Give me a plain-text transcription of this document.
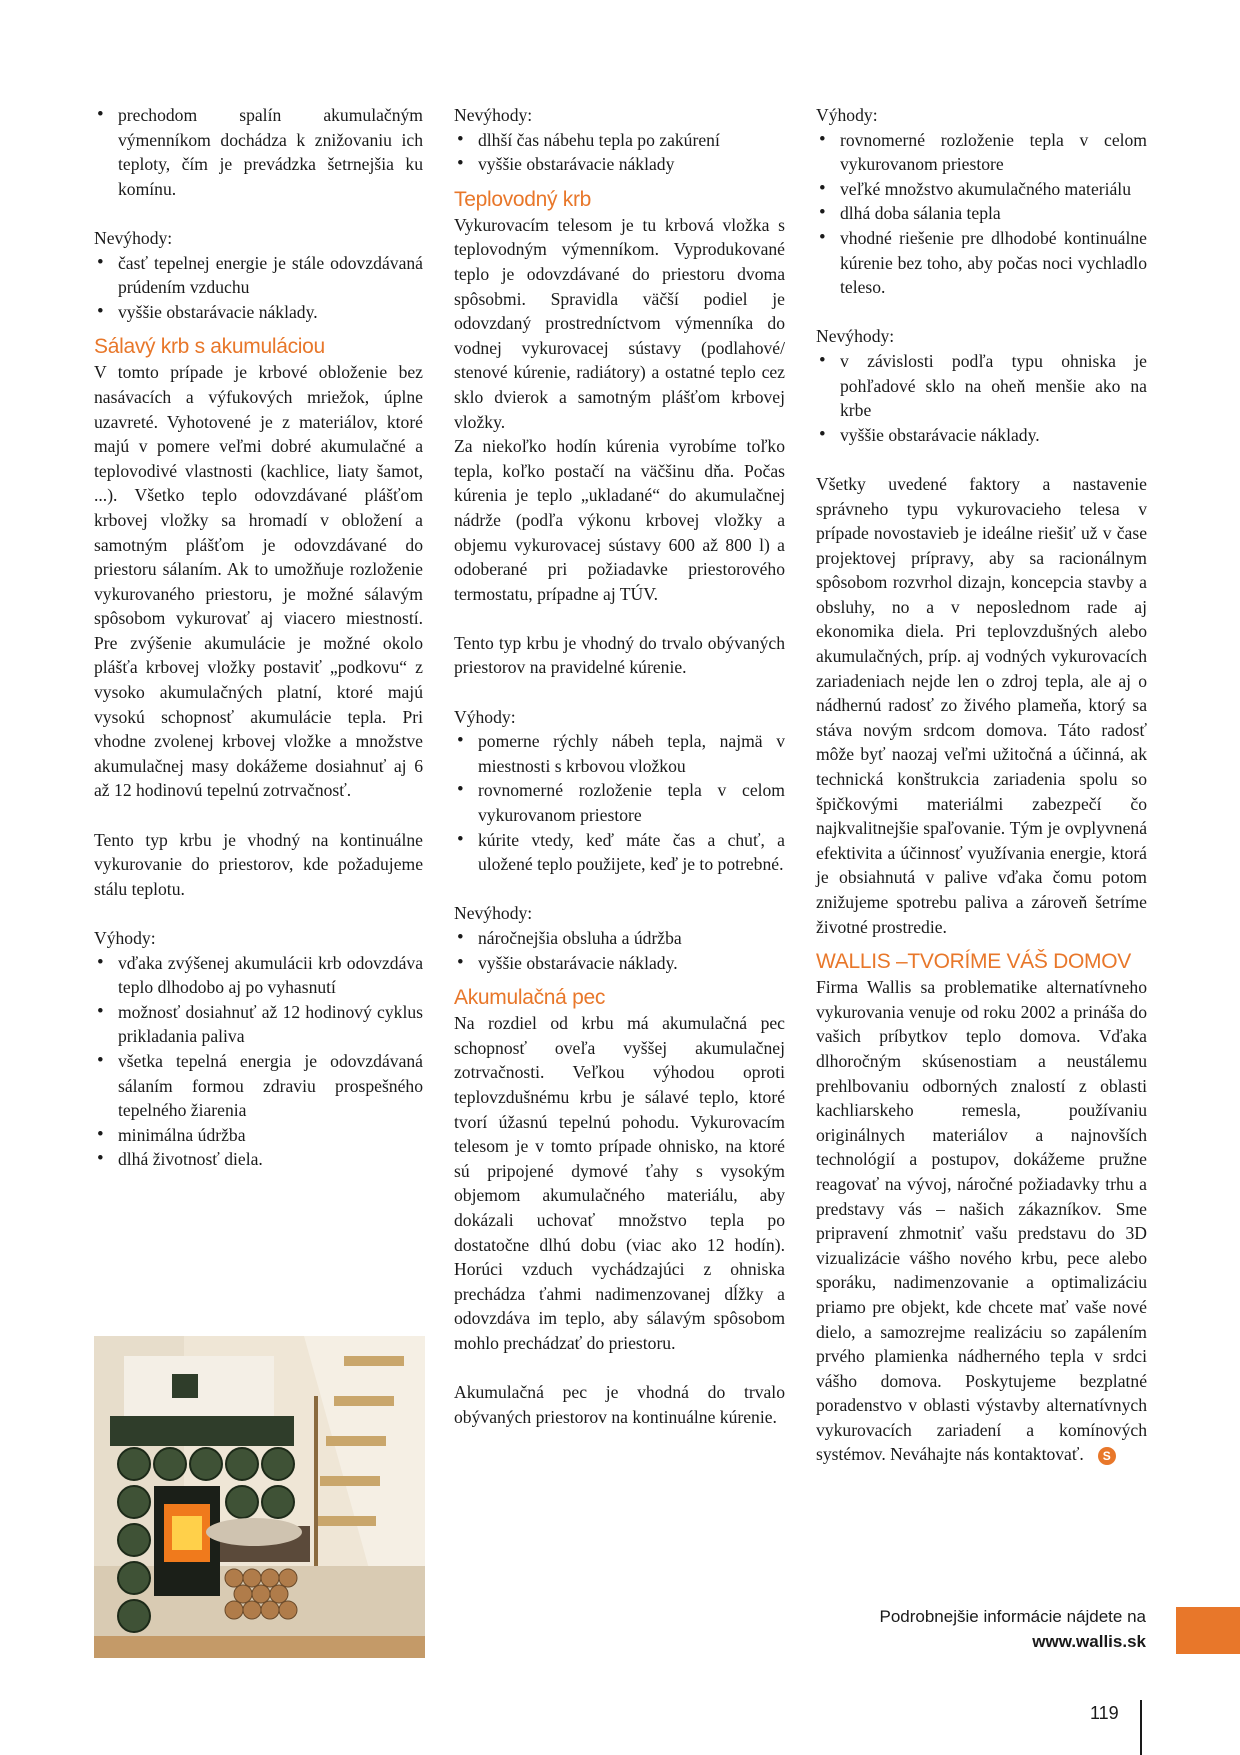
• prechodom spalín akumulačným výmenníkom dochádza k znižovaniu ich teploty, čím je prevádzka šetrnejšia ku komínu.

Nevýhody:

• časť tepelnej energie je stále odovzdávaná prúdením vzduchu
• vyššie obstarávacie náklady.
Sálavý krb s akumuláciou

V tomto prípade je krbové obloženie bez nasávacích a výfukových mriežok, úplne uzavreté. Vyhotovené je z materiálov, ktoré majú v pomere veľmi dobré akumulačné a teplovodivé vlastnosti (kachlice, liaty šamot, ...). Všetko teplo odovzdávané plášťom krbovej vložky sa hromadí v obložení a samotným plášťom je odovzdávané do priestoru sálaním. Ak to umožňuje rozloženie vykurovaného priestoru, je možné sálavým spôsobom vykurovať aj viacero miestností. Pre zvýšenie akumulácie je možné okolo plášťa krbovej vložky postaviť „podkovu“ z vysoko akumulačných platní, ktoré majú vysokú schopnosť akumulácie tepla. Pri vhodne zvolenej krbovej vložke a množstve akumulačnej masy dokážeme dosiahnuť aj 6 až 12 hodinovú tepelnú zotrvačnosť.

Tento typ krbu je vhodný na kontinuálne vykurovanie do priestorov, kde požadujeme stálu teplotu.

Výhody:

• vďaka zvýšenej akumulácii krb odovzdáva teplo dlhodobo aj po vyhasnutí
• možnosť dosiahnuť až 12 hodinový cyklus prikladania paliva
• všetka tepelná energia je odovzdávaná sálaním formou zdraviu prospešného tepelného žiarenia
• minimálna údržba
• dlhá životnosť diela.

Nevýhody:

• dlhší čas nábehu tepla po zakúrení
• vyššie obstarávacie náklady
Teplovodný krb

Vykurovacím telesom je tu krbová vložka s teplovodným výmenníkom. Vyprodukované teplo je odovzdávané do priestoru dvoma spôsobmi. Spravidla väčší podiel je odovzdaný prostredníctvom výmenníka do vodnej vykurovacej sústavy (podlahové/ stenové kúrenie, radiátory) a ostatné teplo cez sklo dvierok a samotným plášťom krbovej vložky.

Za niekoľko hodín kúrenia vyrobíme toľko tepla, koľko postačí na väčšinu dňa. Počas kúrenia je teplo „ukladané“ do akumulačnej nádrže (podľa výkonu krbovej vložky a objemu vykurovacej sústavy 600 až 800 l) a odoberané pri požiadavke priestorového termostatu, prípadne aj TÚV.

Tento typ krbu je vhodný do trvalo obývaných priestorov na pravidelné kúrenie.

Výhody:

• pomerne rýchly nábeh tepla, najmä v miestnosti s krbovou vložkou
• rovnomerné rozloženie tepla v celom vykurovanom priestore
• kúrite vtedy, keď máte čas a chuť, a uložené teplo použijete, keď je to potrebné.

Nevýhody:

• náročnejšia obsluha a údržba
• vyššie obstarávacie náklady.
Akumulačná pec

Na rozdiel od krbu má akumulačná pec schopnosť oveľa vyššej akumulačnej zotrvačnosti. Veľkou výhodou oproti teplovzdušnému krbu je sálavé teplo, ktoré tvorí úžasnú tepelnú pohodu. Vykurovacím telesom je v tomto prípade ohnisko, na ktoré sú pripojené dymové ťahy s vysokým objemom akumulačného materiálu, aby dokázali uchovať množstvo tepla po dostatočne dlhú dobu (viac ako 12 hodín). Horúci vzduch vychádzajúci z ohniska prechádza ťahmi nadimenzovanej dĺžky a odovzdáva im teplo, aby sálavým spôsobom mohlo prechádzať do priestoru.

Akumulačná pec je vhodná do trvalo obývaných priestorov na kontinuálne kúrenie.

Výhody:

• rovnomerné rozloženie tepla v celom vykurovanom priestore
• veľké množstvo akumulačného materiálu
• dlhá doba sálania tepla
• vhodné riešenie pre dlhodobé kontinuálne kúrenie bez toho, aby počas noci vychladlo teleso.

Nevýhody:

• v závislosti podľa typu ohniska je pohľadové sklo na oheň menšie ako na krbe
• vyššie obstarávacie náklady.

Všetky uvedené faktory a nastavenie správneho typu vykurovacieho telesa v prípade novostavieb je ideálne riešiť už v čase projektovej prípravy, aby sa racionálnym spôsobom rozvrhol dizajn, koncepcia stavby a obsluhy, no a v neposlednom rade aj ekonomika diela. Pri teplovzdušných alebo akumulačných, príp. aj vodných vykurovacích zariadeniach nejde len o zdroj tepla, ale aj o nádhernú radosť zo živého plameňa, ktorý sa stáva novým srdcom domova. Táto radosť môže byť naozaj veľmi užitočná a účinná, ak technická konštrukcia zariadenia spolu so špičkovými materiálmi zabezpečí čo najkvalitnejšie spaľovanie. Tým je ovplyvnená efektivita a účinnosť využívania energie, ktorá je obsiahnutá v palive vďaka čomu potom znižujeme spotrebu paliva a zároveň šetríme životné prostredie.

WALLIS –TVORÍME VÁŠ DOMOV

Firma Wallis sa problematike alternatívneho vykurovania venuje od roku 2002 a prináša do vašich príbytkov teplo domova. Vďaka dlhoročným skúsenostiam a neustálemu prehlbovaniu odborných znalostí z oblasti kachliarskeho remesla, používaniu originálnych materiálov a najnovších technológií a postupov, dokážeme pružne reagovať na vývoj, náročné požiadavky trhu a predstavy vás – našich zákazníkov. Sme pripravení zhmotniť vašu predstavu do 3D vizualizácie vášho nového krbu, pece alebo sporáku, nadimenzovanie a optimalizáciu priamo pre objekt, kde chcete mať vaše nové dielo, a samozrejme realizáciu so zapálením prvého plamienka nádherného tepla v srdci vášho domova. Poskytujeme bezplatné poradenstvo v oblasti výstavby alternatívnych vykurovacích zariadení a komínových systémov. Neváhajte nás kontaktovať. S

Podrobnejšie informácie nájdete na
www.wallis.sk
119
